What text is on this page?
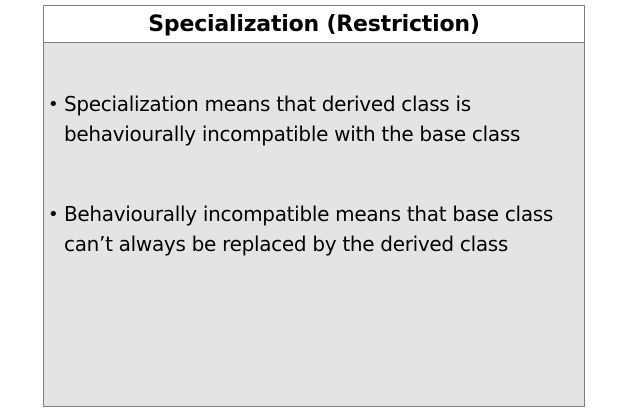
Specialization (Restriction)
• Specialization means that derived class is behaviourally incompatible with the base class
• Behaviourally incompatible means that base class can’t always be replaced by the derived class
